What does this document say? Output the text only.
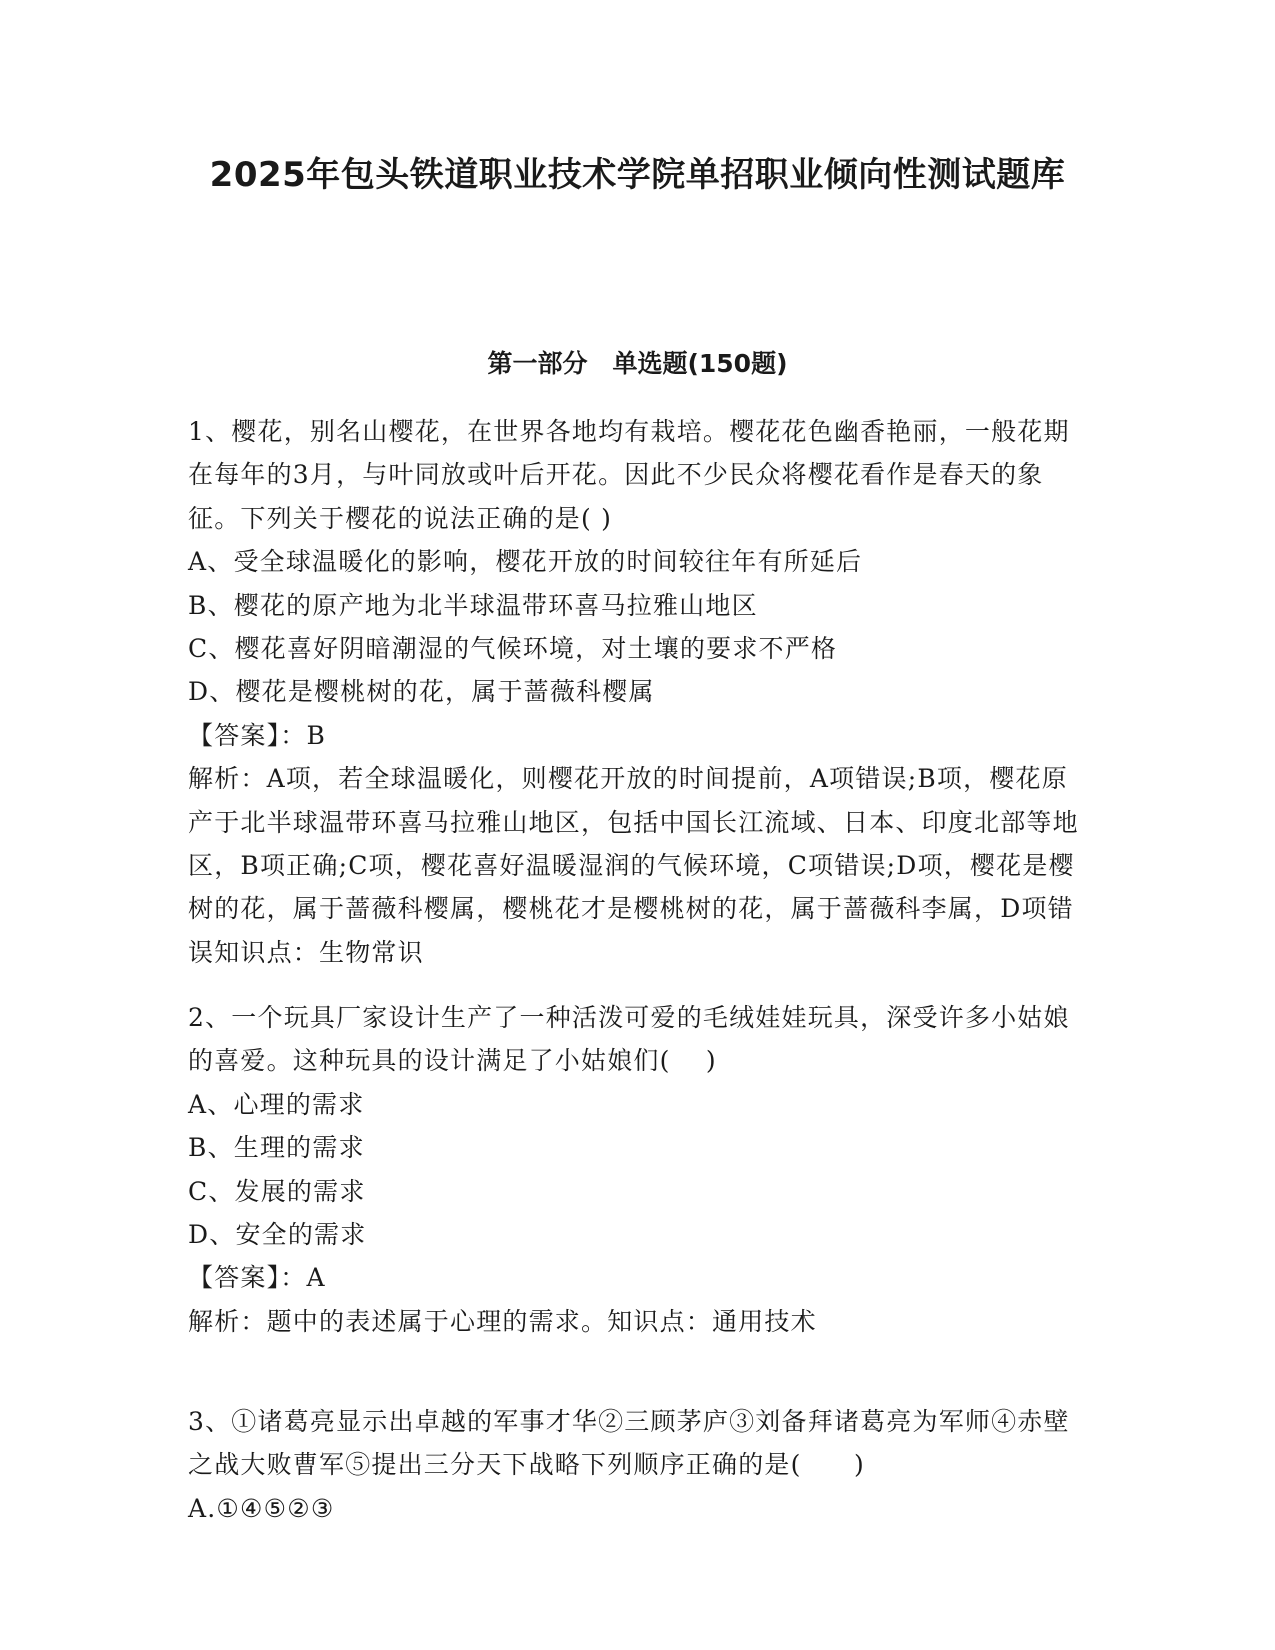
2025年包头铁道职业技术学院单招职业倾向性测试题库
第一部分　单选题(150题)
1、樱花，别名山樱花，在世界各地均有栽培。樱花花色幽香艳丽，一般花期在每年的3月，与叶同放或叶后开花。因此不少民众将樱花看作是春天的象征。下列关于樱花的说法正确的是( )
A、受全球温暖化的影响，樱花开放的时间较往年有所延后
B、樱花的原产地为北半球温带环喜马拉雅山地区
C、樱花喜好阴暗潮湿的气候环境，对土壤的要求不严格
D、樱花是樱桃树的花，属于蔷薇科樱属
【答案】：B
解析：A项，若全球温暖化，则樱花开放的时间提前，A项错误;B项，樱花原产于北半球温带环喜马拉雅山地区，包括中国长江流域、日本、印度北部等地区，B项正确;C项，樱花喜好温暖湿润的气候环境，C项错误;D项，樱花是樱树的花，属于蔷薇科樱属，樱桃花才是樱桃树的花，属于蔷薇科李属，D项错误知识点：生物常识
2、一个玩具厂家设计生产了一种活泼可爱的毛绒娃娃玩具，深受许多小姑娘的喜爱。这种玩具的设计满足了小姑娘们(　 )
A、心理的需求
B、生理的需求
C、发展的需求
D、安全的需求
【答案】：A
解析：题中的表述属于心理的需求。知识点：通用技术
3、①诸葛亮显示出卓越的军事才华②三顾茅庐③刘备拜诸葛亮为军师④赤壁之战大败曹军⑤提出三分天下战略下列顺序正确的是(　　)
A.①④⑤②③
